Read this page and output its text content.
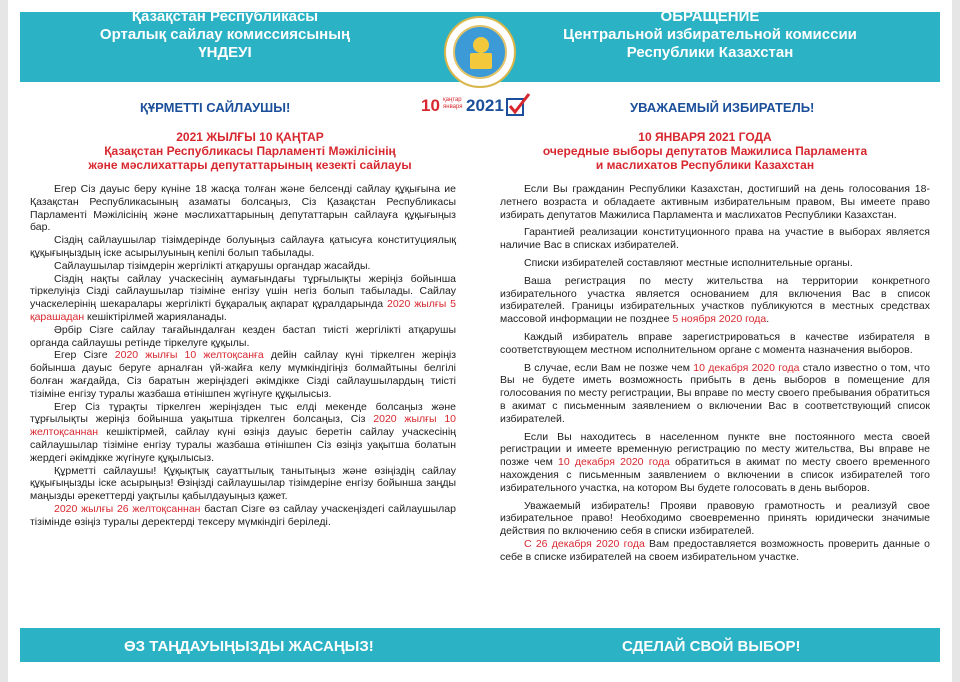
Қазақстан Республикасы
Орталық сайлау комиссиясының
ҮНДЕУІ
ОБРАЩЕНИЕ
Центральной избирательной комиссии
Республики Казахстан
ҚҰРМЕТТІ САЙЛАУШЫ!	УВАЖАЕМЫЙ ИЗБИРАТЕЛЬ!
10 қаңтар
января 2021
2021 ЖЫЛҒЫ 10 ҚАҢТАР
Қазақстан Республикасы Парламенті Мәжілісінің
және мәслихаттары депутаттарының кезекті сайлауы
10 ЯНВАРЯ 2021 ГОДА
очередные выборы депутатов Мажилиса Парламента
и маслихатов Республики Казахстан

Егер Сіз дауыс беру күніне 18 жасқа толған және белсенді сайлау құқығына ие Қазақстан Республикасының азаматы болсаңыз, Сіз Қазақстан Республикасы Парламенті Мәжілісінің және мәслихаттарының депутаттарын сайлауға құқығыңыз бар.

Сіздің сайлаушылар тізімдерінде болуыңыз сайлауға қатысуға конституциялық құқығыңыздың іске асырылуының кепілі болып табылады.

Сайлаушылар тізімдерін жергілікті атқарушы органдар жасайды.

Сіздің нақты сайлау учаскесінің аумағындағы тұрғылықты жеріңіз бойынша тіркелуіңіз Сізді сайлаушылар тізіміне енгізу үшін негіз болып табылады. Сайлау учаскелерінің шекаралары жергілікті бұқаралық ақпарат құралдарында 2020 жылғы 5 қарашадан кешіктірілмей жарияланады.

Әрбір Сізге сайлау тағайындалған кезден бастап тиісті жергілікті атқарушы органда сайлаушы ретінде тіркелуге құқылы.

Егер Сізге 2020 жылғы 10 желтоқсанға дейін сайлау күні тіркелген жеріңіз бойынша дауыс беруге арналған үй-жайға келу мүмкіндігіңіз болмайтыны белгілі болған жағдайда, Сіз баратын жеріңіздегі әкімдікке Сізді сайлаушылардың тиісті тізіміне енгізу туралы жазбаша өтінішпен жүгінуге құқылысыз.

Егер Сіз тұрақты тіркелген жеріңізден тыс елді мекенде болсаңыз және тұрғылықты жеріңіз бойынша уақытша тіркелген болсаңыз, Сіз 2020 жылғы 10 желтоқсаннан кешіктірмей, сайлау күні өзіңіз дауыс беретін сайлау учаскесінің сайлаушылар тізіміне енгізу туралы жазбаша өтінішпен Сіз өзіңіз уақытша болатын жердегі әкімдікке жүгінуге құқылысыз.

Құрметті сайлаушы! Құқықтық сауаттылық танытыңыз және өзіңіздің сайлау құқығыңызды іске асырыңыз! Өзіңізді сайлаушылар тізімдеріне енгізу бойынша заңды маңызды әрекеттерді уақтылы қабылдауыңыз қажет.

2020 жылғы 26 желтоқсаннан бастап Сізге өз сайлау учаскеңіздегі сайлаушылар тізімінде өзіңіз туралы деректерді тексеру мүмкіндігі беріледі.

Если Вы гражданин Республики Казахстан, достигший на день голосования 18-летнего возраста и обладаете активным избирательным правом, Вы имеете право избирать депутатов Мажилиса Парламента и маслихатов Республики Казахстан.

Гарантией реализации конституционного права на участие в выборах является наличие Вас в списках избирателей.

Списки избирателей составляют местные исполнительные органы.

Ваша регистрация по месту жительства на территории конкретного избирательного участка является основанием для включения Вас в список избирателей. Границы избирательных участков публикуются в местных средствах массовой информации не позднее 5 ноября 2020 года.

Каждый избиратель вправе зарегистрироваться в качестве избирателя в соответствующем местном исполнительном органе с момента назначения выборов.

В случае, если Вам не позже чем 10 декабря 2020 года стало известно о том, что Вы не будете иметь возможность прибыть в день выборов в помещение для голосования по месту регистрации, Вы вправе по месту своего пребывания обратиться в акимат с письменным заявлением о включении Вас в соответствующий список избирателей.

Если Вы находитесь в населенном пункте вне постоянного места своей регистрации и имеете временную регистрацию по месту жительства, Вы вправе не позже чем 10 декабря 2020 года обратиться в акимат по месту своего временного нахождения с письменным заявлением о включении в список избирателей того избирательного участка, на котором Вы будете голосовать в день выборов.

Уважаемый избиратель! Прояви правовую грамотность и реализуй свое избирательное право! Необходимо своевременно принять юридически значимые действия по включению себя в списки избирателей.

С 26 декабря 2020 года Вам предоставляется возможность проверить данные о себе в списке избирателей на своем избирательном участке.

ӨЗ ТАҢДАУЫҢЫЗДЫ ЖАСАҢЫЗ!	СДЕЛАЙ СВОЙ ВЫБОР!
